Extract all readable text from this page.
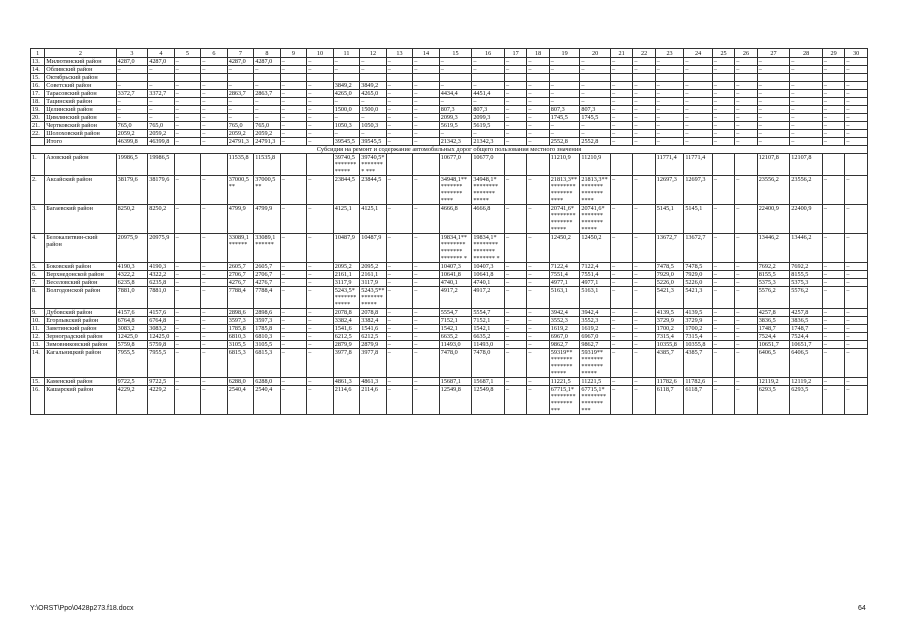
1	2	3	4	5	6	7	8	9	10	11	12	13	14	15	16	17	18	19	20	21	22	23	24	25	26	27	28	29	30
13.	Милютинский район	4287,0	4287,0	–	–	4287,0	4287,0	–	–	–	–	–	–	–	–	–	–	–	–	–	–	–	–	–	–	–	–	–	–
14.	Обливский район	–	–	–	–	–	–	–	–	–	–	–	–	–	–	–	–	–	–	–	–	–	–	–	–	–	–	–	–
15.	Октябрьский район																												
16.	Советский район	–	–	–	–	–	–	–	–	3849,2	3849,2	–	–	–	–	–	–	–	–	–	–	–	–	–	–	–	–	–	–
17.	Тарасовский район	3372,7	3372,7	–	–	2863,7	2863,7	–	–	4265,0	4265,0	–	–	4434,4	4451,4	–	–	–	–	–	–	–	–	–	–	–	–	–	–
18.	Тацинский район	–	–	–	–	–	–	–	–	–	–	–	–	–	–	–	–	–	–	–	–	–	–	–	–	–	–	–	–
19.	Целинский район	–	–	–	–	–	–	–	–	1500,0	1500,0	–	–	807,3	807,3	–	–	807,3	807,3	–	–	–	–	–	–	–	–	–	–
20.	Цимлянский район	–	–	–	–	–	–	–	–	–	–	–	–	2099,3	2099,3	–	–	1745,5	1745,5	–	–	–	–	–	–	–	–	–	–
21.	Чертковский район	765,0	765,0	–	–	765,0	765,0	–	–	1050,3	1050,3	–	–	5619,5	5619,5	–	–	–	–	–	–	–	–	–	–	–	–	–	–
22.	Шолоховский район	2059,2	2059,2	–	–	2059,2	2059,2	–	–	–	–	–	–	–	–	–	–	–	–	–	–	–	–	–	–	–	–	–	–
	Итого	46399,8	46399,8	–	–	24791,3	24791,3	–	–	39545,5	39545,5	–	–	21342,3	21342,3	–	–	2552,8	2552,8	–	–	–	–	–	–	–	–	–	–
Субсидия на ремонт и содержание автомобильных дорог общего пользования местного значения																													
1.	Азовский район	19986,5	19986,5			11535,8	11535,8			39740,5 ******* *****	39740,5* ******** ***			10677,0	10677,0			11210,9	11210,9			11771,4	11771,4			12107,8	12107,8		
2.	Аксайский район	38179,6	38179,6	–	–	37000,5 **	37000,5 **	–	–	23844,5	23844,5	–	–	34948,1** ******* ******* ****	34948,1* ******** ******* *****	–	–	21813,3** ******** ******* ****	21813,3** ******* ******* ****	–	–	12697,3	12697,3	–	–	23556,2	23556,2	–	–
3.	Багаевский район	8250,2	8250,2	–	–	4799,9	4799,9	–	–	4125,1	4125,1	–	–	4666,8	4666,8	–	–	20741,6* ******** ******* *****	20741,6* ******* ******* *****	–	–	5145,1	5145,1	–	–	22400,9	22400,9	–	–
4.	Белокалитвин-ский район	20975,9	20975,9	–	–	33089,1 ******	33089,1 ******	–	–	10487,9	10487,9	–	–	19834,1** ******** ******* ******* *	19834,1* ******** ******* ******* *	–	–	12450,2	12450,2	–	–	13672,7	13672,7	–	–	13446,2	13446,2	–	–
5.	Боковский район	4190,3	4190,3	–	–	2605,7	2605,7	–	–	2095,2	2095,2	–	–	10407,3	10407,3	–	–	7122,4	7122,4	–	–	7478,5	7478,5	–	–	7692,2	7692,2	–	–
6.	Верхнедонской район	4322,2	4322,2	–	–	2706,7	2706,7	–	–	2161,1	2161,1	–	–	10641,8	10641,8	–	–	7551,4	7551,4	–	–	7929,0	7929,0	–	–	8155,5	8155,5	–	–
7.	Веселовский район	6235,8	6235,8	–	–	4276,7	4276,7	–	–	3117,9	3117,9	–	–	4740,1	4740,1	–	–	4977,1	4977,1	–	–	5226,0	5226,0	–	–	5375,3	5375,3	–	–
8.	Волгодонской район	7881,0	7881,0	–	–	7788,4	7788,4	–	–	5243,5* ******* *****	5243,5** ******* *****	–	–	4917,2	4917,2	–	–	5163,1	5163,1	–	–	5421,3	5421,3	–	–	5576,2	5576,2	–	–
9.	Дубовский район	4157,6	4157,6	–	–	2898,6	2898,6	–	–	2078,8	2078,8	–	–	5554,7	5554,7	–	–	3942,4	3942,4	–	–	4139,5	4139,5	–	–	4257,8	4257,8	–	–
10.	Егорлыкский район	6764,8	6764,8	–	–	3597,3	3597,3	–	–	3382,4	3382,4	–	–	7152,1	7152,1	–	–	3552,3	3552,3	–	–	3729,9	3729,9	–	–	3836,5	3836,5	–	–
11.	Заветинский район	3083,2	3083,2	–	–	1785,8	1785,8	–	–	1541,6	1541,6	–	–	1542,1	1542,1	–	–	1619,2	1619,2	–	–	1700,2	1700,2	–	–	1748,7	1748,7	–	–
12.	Зерноградский район	12425,0	12425,0	–	–	6810,3	6810,3	–	–	6212,5	6212,5	–	–	6635,2	6635,2	–	–	6967,0	6967,0	–	–	7315,4	7315,4	–	–	7524,4	7524,4	–	–
13.	Зимовниковский район	5759,8	5759,8	–	–	3105,5	3105,5	–	–	2879,9	2879,9	–	–	11493,0	11493,0	–	–	9862,7	9862,7	–	–	10355,8	10355,8	–	–	10651,7	10651,7	–	–
14.	Кагальницкий район	7955,5	7955,5	–	–	6815,3	6815,3	–	–	3977,8	3977,8	–	–	7478,0	7478,0	–	–	59319** ******* ******* *****	59319** ******* ******* *****	–	–	4385,7	4385,7	–	–	6406,5	6406,5	–	–
15.	Каменский район	9722,5	9722,5	–	–	6288,0	6288,0	–	–	4861,3	4861,3	–	–	15687,1	15687,1	–	–	11221,5	11221,5	–	–	11782,6	11782,6	–	–	12119,2	12119,2	–	–
16.	Кашарский район	4229,2	4229,2	–	–	2540,4	2540,4	–	–	2114,6	2114,6	–	–	12549,8	12549,8	–	–	67715,1* ******** ******* ***	67715,1* ******** ******* ***	–	–	6118,7	6118,7	–	–	6293,5	6293,5	–	–
Y:\ORST\Ppo\0428p273.f18.docx	64
